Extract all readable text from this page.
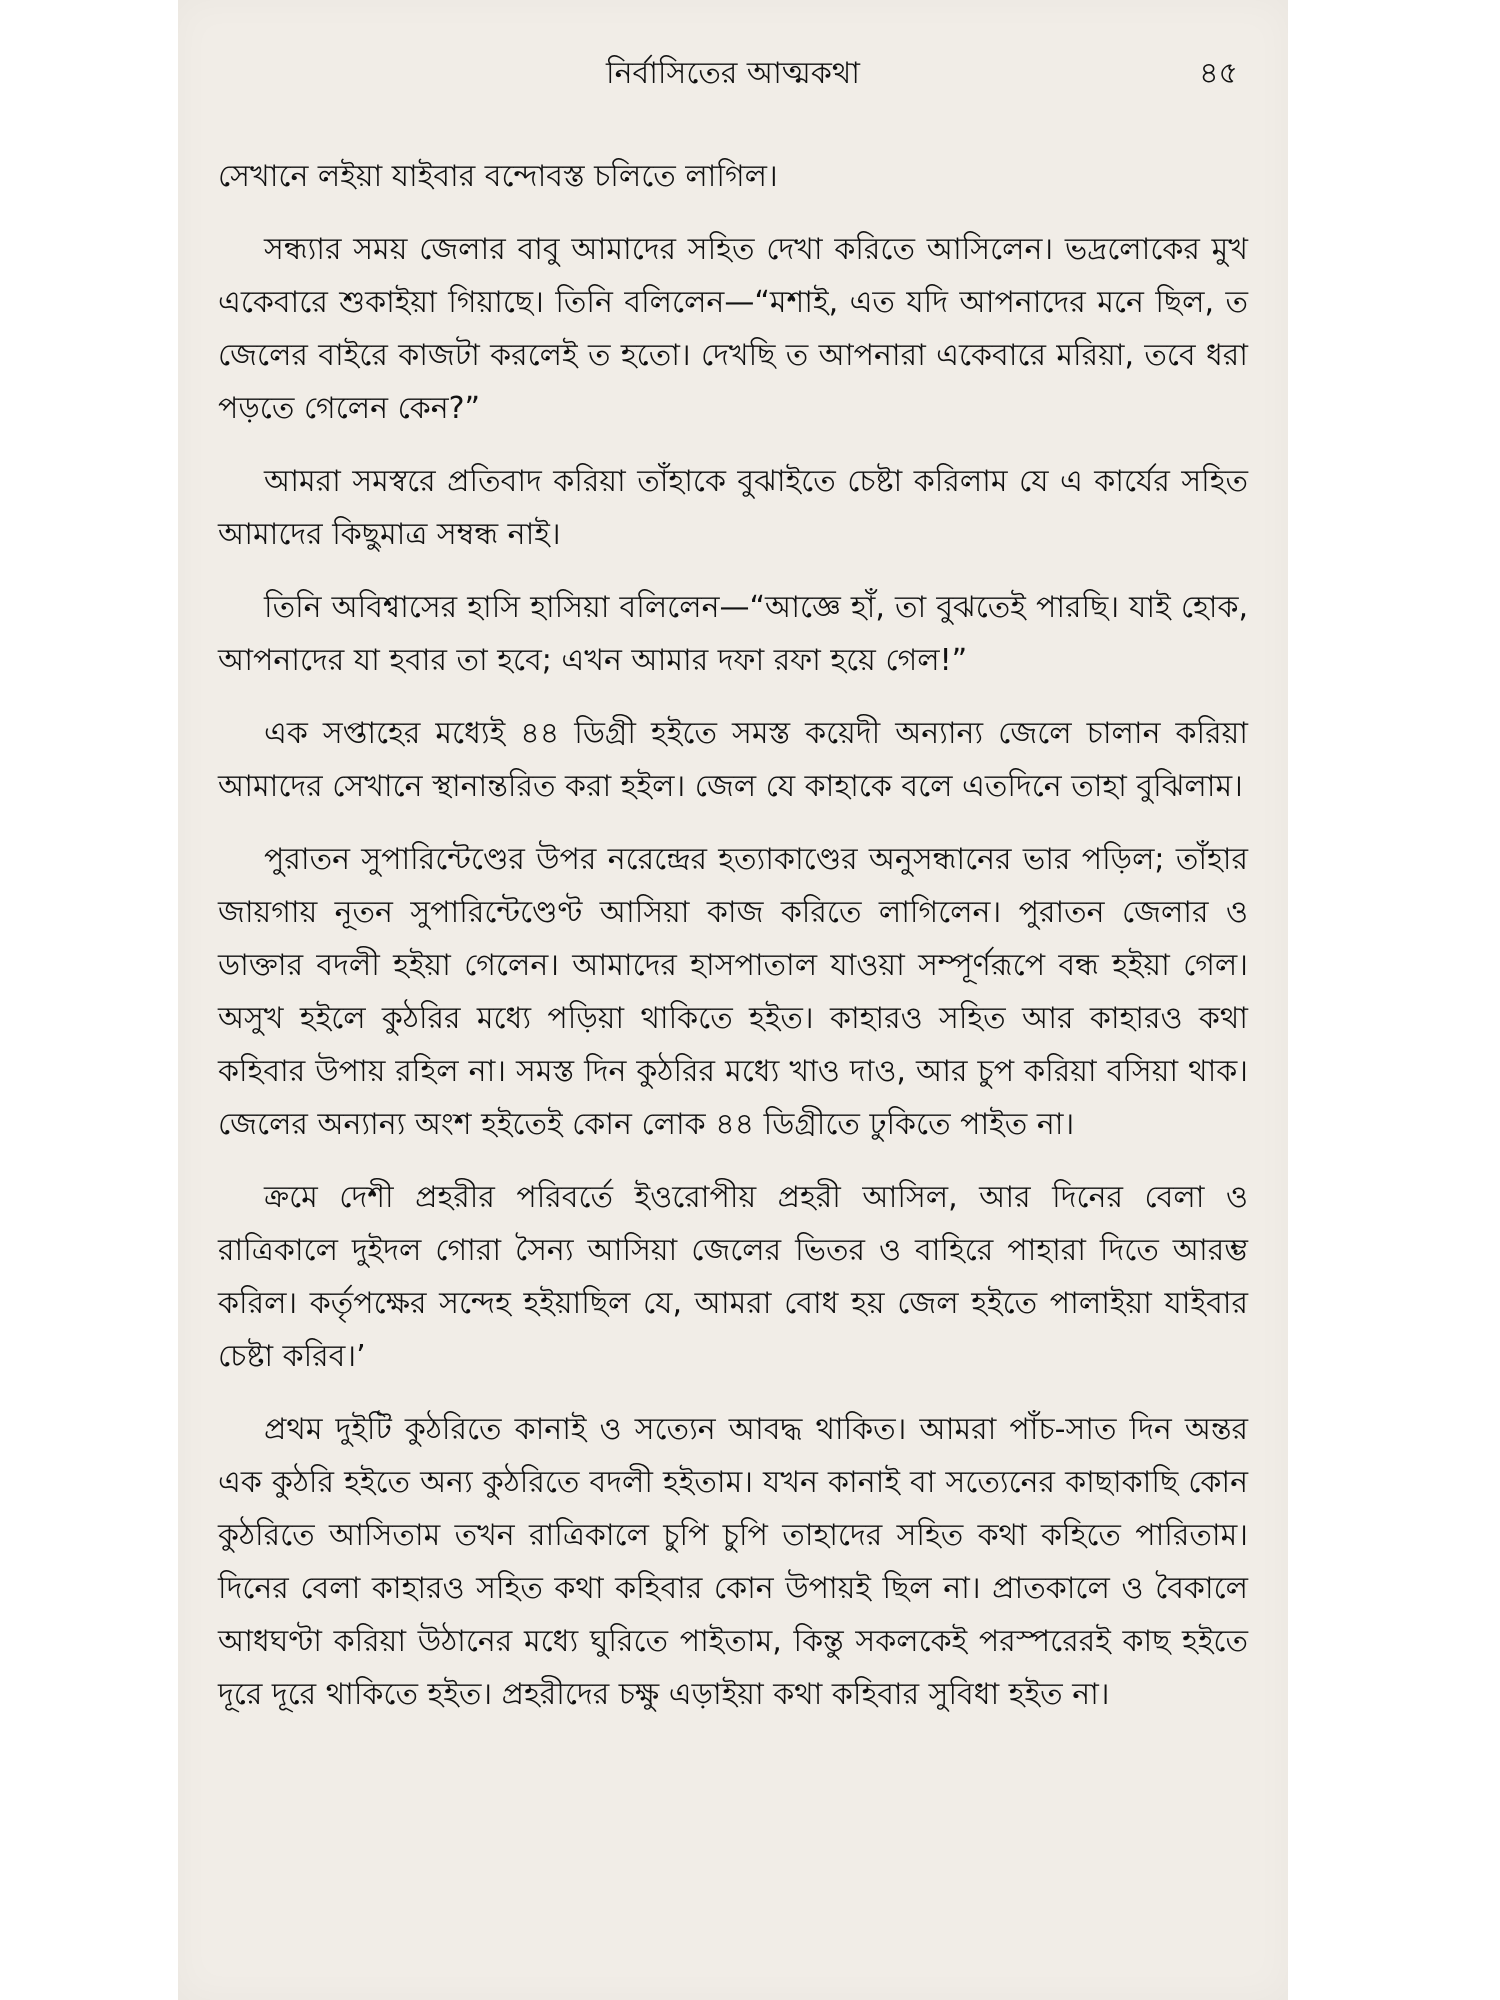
নির্বাসিতের আত্মকথা	৪৫

সেখানে লইয়া যাইবার বন্দোবস্ত চলিতে লাগিল।

সন্ধ্যার সময় জেলার বাবু আমাদের সহিত দেখা করিতে আসিলেন। ভদ্রলোকের মুখ একেবারে শুকাইয়া গিয়াছে। তিনি বলিলেন—“মশাই, এত যদি আপনাদের মনে ছিল, ত জেলের বাইরে কাজটা করলেই ত হতো। দেখছি ত আপনারা একেবারে মরিয়া, তবে ধরা পড়তে গেলেন কেন?”

আমরা সমস্বরে প্রতিবাদ করিয়া তাঁহাকে বুঝাইতে চেষ্টা করিলাম যে এ কার্যের সহিত আমাদের কিছুমাত্র সম্বন্ধ নাই।

তিনি অবিশ্বাসের হাসি হাসিয়া বলিলেন—“আজ্ঞে হাঁ, তা বুঝতেই পারছি। যাই হোক, আপনাদের যা হবার তা হবে; এখন আমার দফা রফা হয়ে গেল!”

এক সপ্তাহের মধ্যেই ৪৪ ডিগ্রী হইতে সমস্ত কয়েদী অন্যান্য জেলে চালান করিয়া আমাদের সেখানে স্থানান্তরিত করা হইল। জেল যে কাহাকে বলে এতদিনে তাহা বুঝিলাম।

পুরাতন সুপারিন্টেণ্ডের উপর নরেন্দ্রের হত্যাকাণ্ডের অনুসন্ধানের ভার পড়িল; তাঁহার জায়গায় নূতন সুপারিন্টেণ্ডেণ্ট আসিয়া কাজ করিতে লাগিলেন। পুরাতন জেলার ও ডাক্তার বদলী হইয়া গেলেন। আমাদের হাসপাতাল যাওয়া সম্পূর্ণরূপে বন্ধ হইয়া গেল। অসুখ হইলে কুঠরির মধ্যে পড়িয়া থাকিতে হইত। কাহারও সহিত আর কাহারও কথা কহিবার উপায় রহিল না। সমস্ত দিন কুঠরির মধ্যে খাও দাও, আর চুপ করিয়া বসিয়া থাক। জেলের অন্যান্য অংশ হইতেই কোন লোক ৪৪ ডিগ্রীতে ঢুকিতে পাইত না।

ক্রমে দেশী প্রহরীর পরিবর্তে ইওরোপীয় প্রহরী আসিল, আর দিনের বেলা ও রাত্রিকালে দুইদল গোরা সৈন্য আসিয়া জেলের ভিতর ও বাহিরে পাহারা দিতে আরম্ভ করিল। কর্তৃপক্ষের সন্দেহ হইয়াছিল যে, আমরা বোধ হয় জেল হইতে পালাইয়া যাইবার চেষ্টা করিব।’

প্রথম দুইটি কুঠরিতে কানাই ও সত্যেন আবদ্ধ থাকিত। আমরা পাঁচ-সাত দিন অন্তর এক কুঠরি হইতে অন্য কুঠরিতে বদলী হইতাম। যখন কানাই বা সত্যেনের কাছাকাছি কোন কুঠরিতে আসিতাম তখন রাত্রিকালে চুপি চুপি তাহাদের সহিত কথা কহিতে পারিতাম। দিনের বেলা কাহারও সহিত কথা কহিবার কোন উপায়ই ছিল না। প্রাতকালে ও বৈকালে আধঘণ্টা করিয়া উঠানের মধ্যে ঘুরিতে পাইতাম, কিন্তু সকলকেই পরস্পরেরই কাছ হইতে দূরে দূরে থাকিতে হইত। প্রহরীদের চক্ষু এড়াইয়া কথা কহিবার সুবিধা হইত না।
